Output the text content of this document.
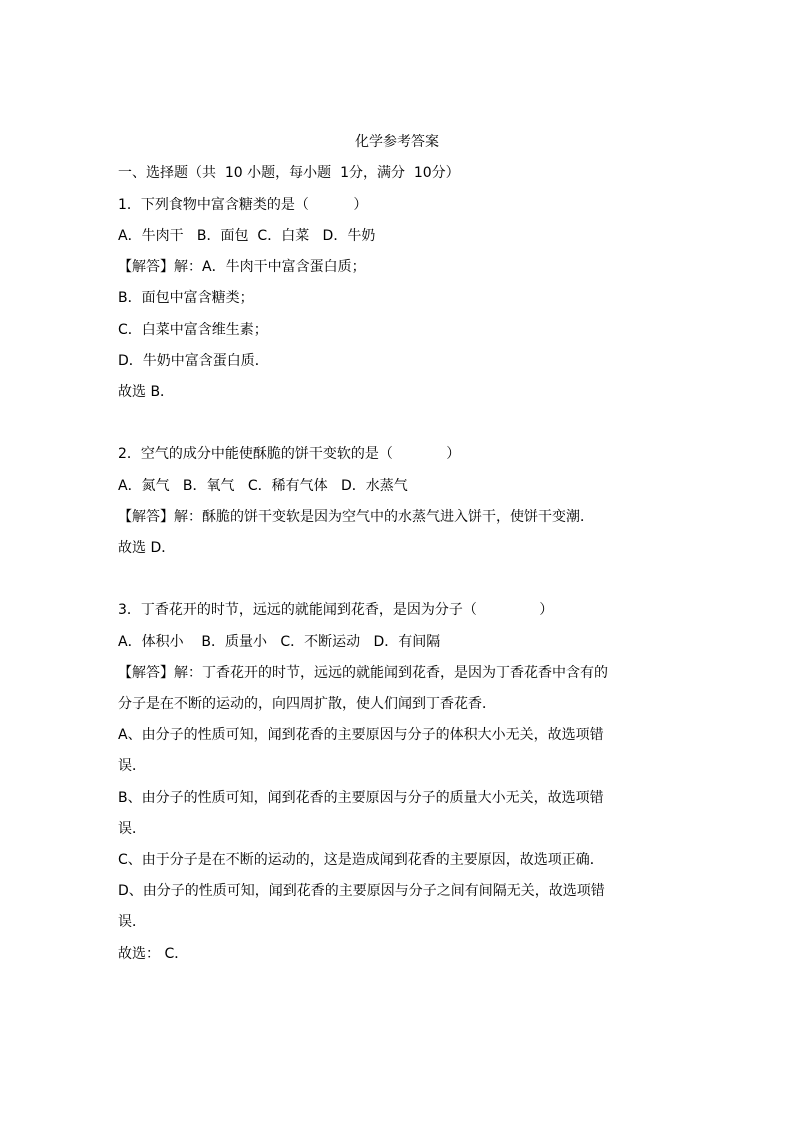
化学参考答案
一、选择题（共  10 小题，每小题  1分，满分  10分）
1．下列食物中富含糖类的是（          ）
A．牛肉干   B．面包  C．白菜   D．牛奶
【解答】解：A．牛肉干中富含蛋白质；
B．面包中富含糖类；
C．白菜中富含维生素；
D．牛奶中富含蛋白质．
故选 B．
2．空气的成分中能使酥脆的饼干变软的是（            ）
A．氮气   B．氧气   C．稀有气体   D．水蒸气
【解答】解：酥脆的饼干变软是因为空气中的水蒸气进入饼干，使饼干变潮．
故选 D．
3．丁香花开的时节，远远的就能闻到花香，是因为分子（              ）
A．体积小    B．质量小   C．不断运动   D．有间隔
【解答】解：丁香花开的时节，远远的就能闻到花香，是因为丁香花香中含有的
分子是在不断的运动的，向四周扩散，使人们闻到丁香花香．
A、由分子的性质可知，闻到花香的主要原因与分子的体积大小无关，故选项错
误．
B、由分子的性质可知，闻到花香的主要原因与分子的质量大小无关，故选项错
误．
C、由于分子是在不断的运动的，这是造成闻到花香的主要原因，故选项正确．
D、由分子的性质可知，闻到花香的主要原因与分子之间有间隔无关，故选项错
误．
故选： C．
